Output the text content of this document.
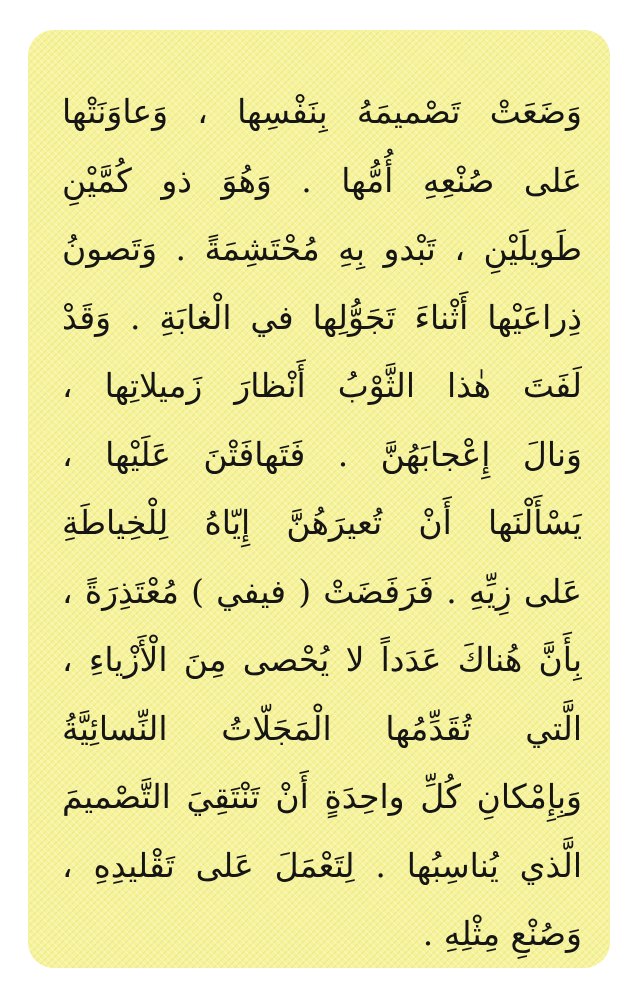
وَضَعَتْ تَصْميمَهُ بِنَفْسِها ، وَعاوَنَتْها
عَلى صُنْعِهِ أُمُّها . وَهُوَ ذو كُمَّيْنِ
طَويلَيْنِ ، تَبْدو بِهِ مُحْتَشِمَةً . وَتَصونُ
ذِراعَيْها أَثْناءَ تَجَوُّلِها في الْغابَةِ . وَقَدْ
لَفَتَ هٰذا الثَّوْبُ أَنْظارَ زَميلاتِها ،
وَنالَ إِعْجابَهُنَّ . فَتَهافَتْنَ عَلَيْها ،
يَسْأَلْنَها أَنْ تُعيرَهُنَّ إِيّاهُ لِلْخِياطَةِ
عَلى زِيِّهِ . فَرَفَضَتْ ( فيفي ) مُعْتَذِرَةً ،
بِأَنَّ هُناكَ عَدَداً لا يُحْصى مِنَ الْأَزْياءِ ،
الَّتي تُقَدِّمُها الْمَجَلّاتُ النِّسائِيَّةُ
وَبِإِمْكانِ كُلِّ واحِدَةٍ أَنْ تَنْتَقِيَ التَّصْميمَ
الَّذي يُناسِبُها . لِتَعْمَلَ عَلى تَقْليدِهِ ،
وَصُنْعِ مِثْلِهِ .
